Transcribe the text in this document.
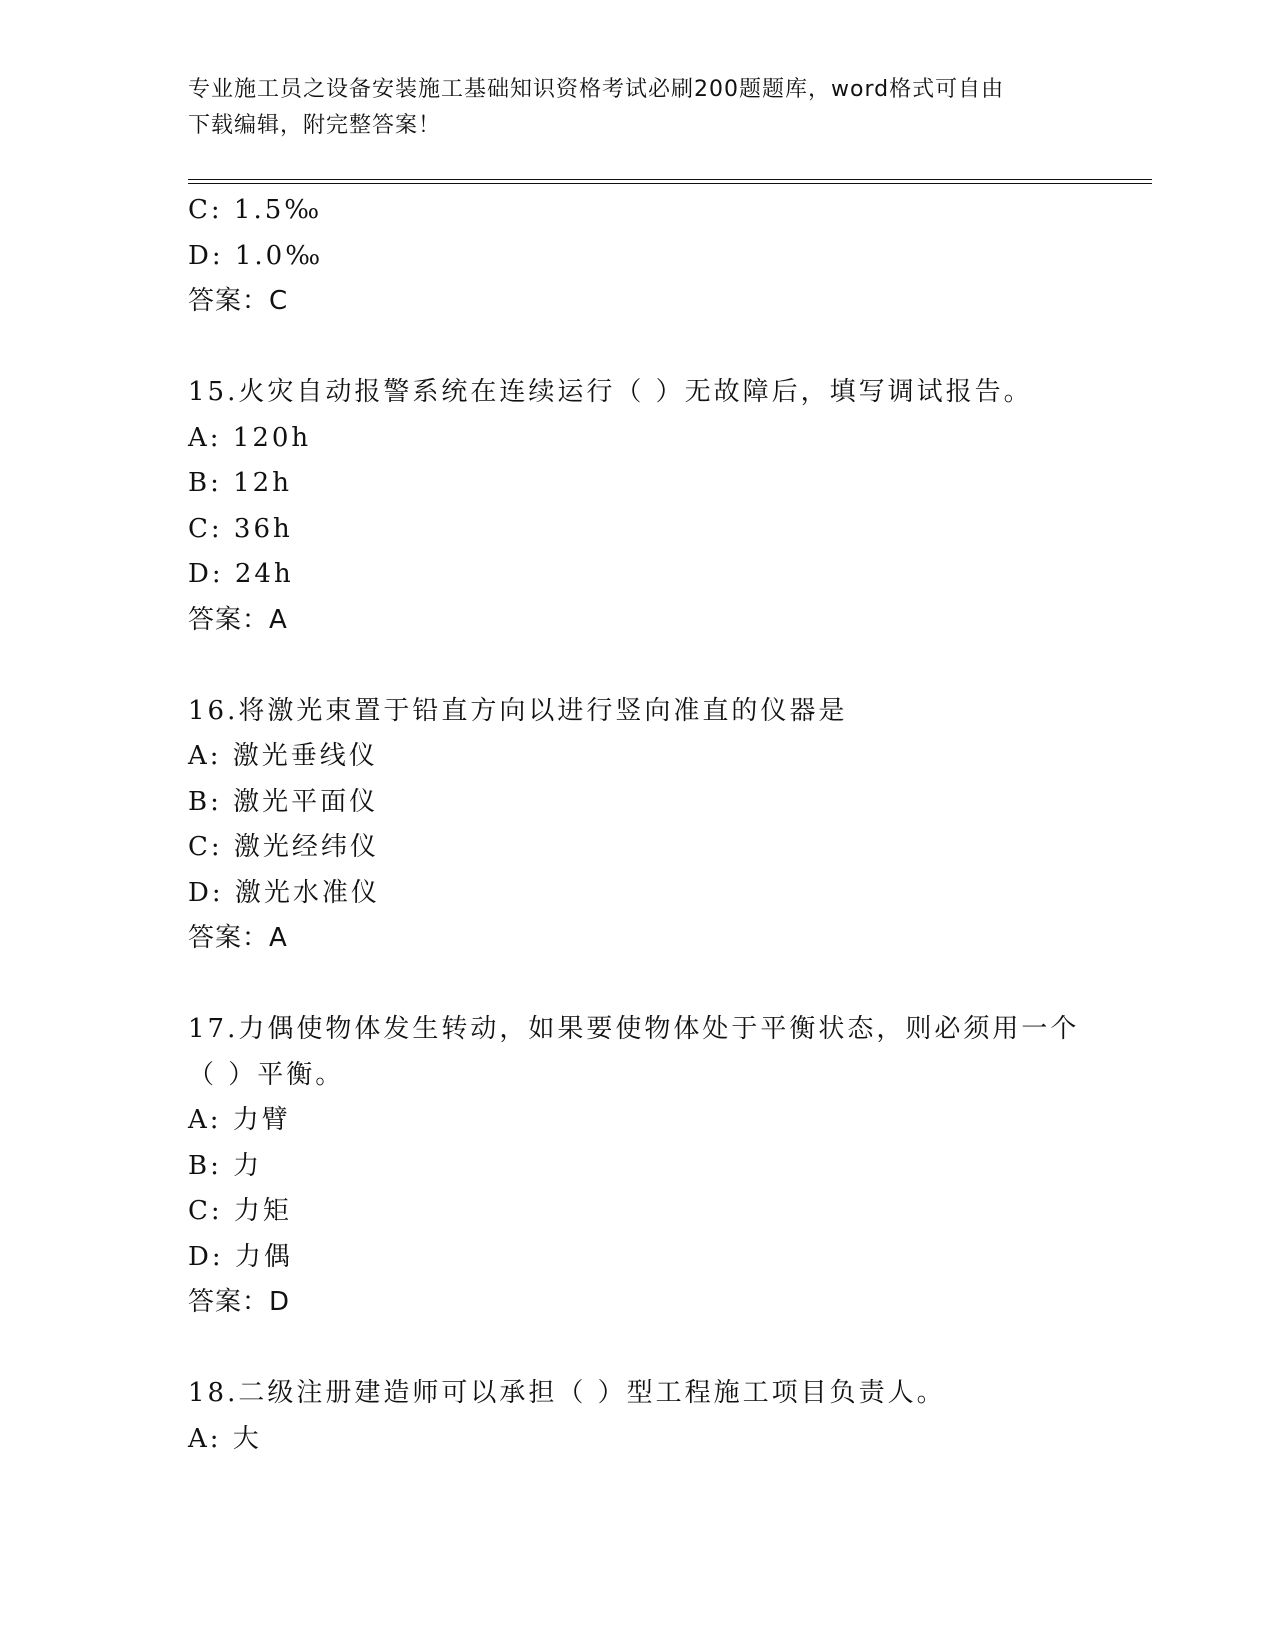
专业施工员之设备安装施工基础知识资格考试必刷200题题库，word格式可自由
下载编辑，附完整答案！
C: 1.5‰
D: 1.0‰
答案：C
15.火灾自动报警系统在连续运行（ ）无故障后，填写调试报告。
A: 120h
B: 12h
C: 36h
D: 24h
答案：A
16.将激光束置于铅直方向以进行竖向准直的仪器是
A: 激光垂线仪
B: 激光平面仪
C: 激光经纬仪
D: 激光水准仪
答案：A
17.力偶使物体发生转动，如果要使物体处于平衡状态，则必须用一个
（ ）平衡。
A: 力臂
B: 力
C: 力矩
D: 力偶
答案：D
18.二级注册建造师可以承担（ ）型工程施工项目负责人。
A: 大
